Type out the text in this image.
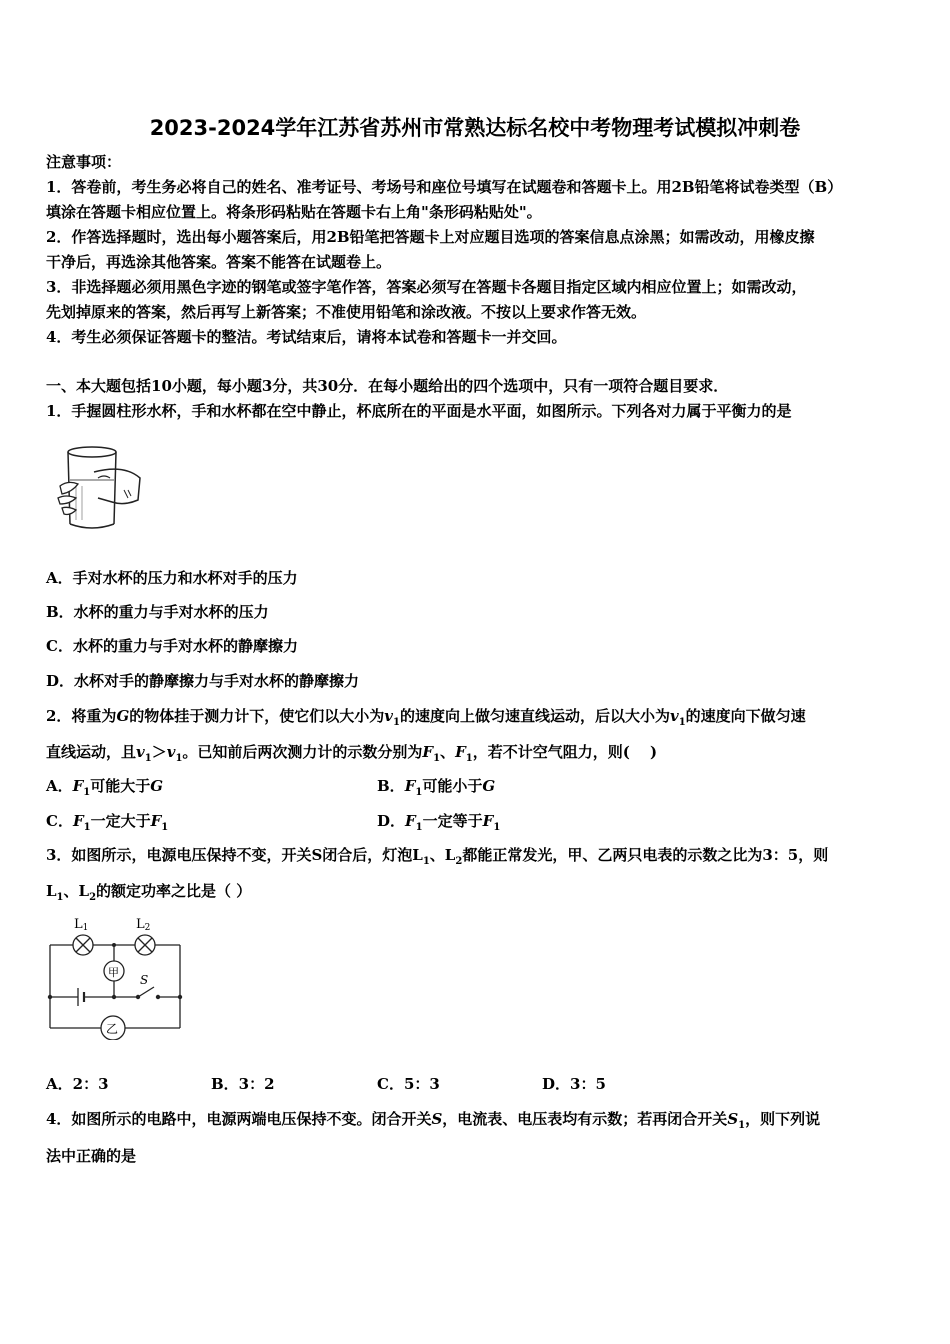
2023-2024学年江苏省苏州市常熟达标名校中考物理考试模拟冲刺卷
注意事项：
1．答卷前，考生务必将自己的姓名、准考证号、考场号和座位号填写在试题卷和答题卡上。用2B铅笔将试卷类型（B）
填涂在答题卡相应位置上。将条形码粘贴在答题卡右上角"条形码粘贴处"。
2．作答选择题时，选出每小题答案后，用2B铅笔把答题卡上对应题目选项的答案信息点涂黑；如需改动，用橡皮擦
干净后，再选涂其他答案。答案不能答在试题卷上。
3．非选择题必须用黑色字迹的钢笔或签字笔作答，答案必须写在答题卡各题目指定区域内相应位置上；如需改动，
先划掉原来的答案，然后再写上新答案；不准使用铅笔和涂改液。不按以上要求作答无效。
4．考生必须保证答题卡的整洁。考试结束后，请将本试卷和答题卡一并交回。
一、本大题包括10小题，每小题3分，共30分．在每小题给出的四个选项中，只有一项符合题目要求．
1．手握圆柱形水杯，手和水杯都在空中静止，杯底所在的平面是水平面，如图所示。下列各对力属于平衡力的是
A．手对水杯的压力和水杯对手的压力
B．水杯的重力与手对水杯的压力
C．水杯的重力与手对水杯的静摩擦力
D．水杯对手的静摩擦力与手对水杯的静摩擦力
2．将重为G的物体挂于测力计下，使它们以大小为$v_1$的速度向上做匀速直线运动，后以大小为$v_1$的速度向下做匀速
直线运动，且$v_1>v_1$。已知前后两次测力计的示数分别为$F_1$、$F_1$，若不计空气阻力，则(　 )
A．$F_1$可能大于G	B．$F_1$可能小于G
C．$F_1$一定大于$F_1$	D．$F_1$一定等于$F_1$
3．如图所示，电源电压保持不变，开关S闭合后，灯泡$L_1$、$L_2$都能正常发光，甲、乙两只电表的示数之比为3：5，则
$L_1$、$L_2$的额定功率之比是（ ）
L1	L2
甲
乙
S
A．2：3	B．3：2	C．5：3	D．3：5
4．如图所示的电路中，电源两端电压保持不变。闭合开关S，电流表、电压表均有示数；若再闭合开关$S_1$，则下列说
法中正确的是
